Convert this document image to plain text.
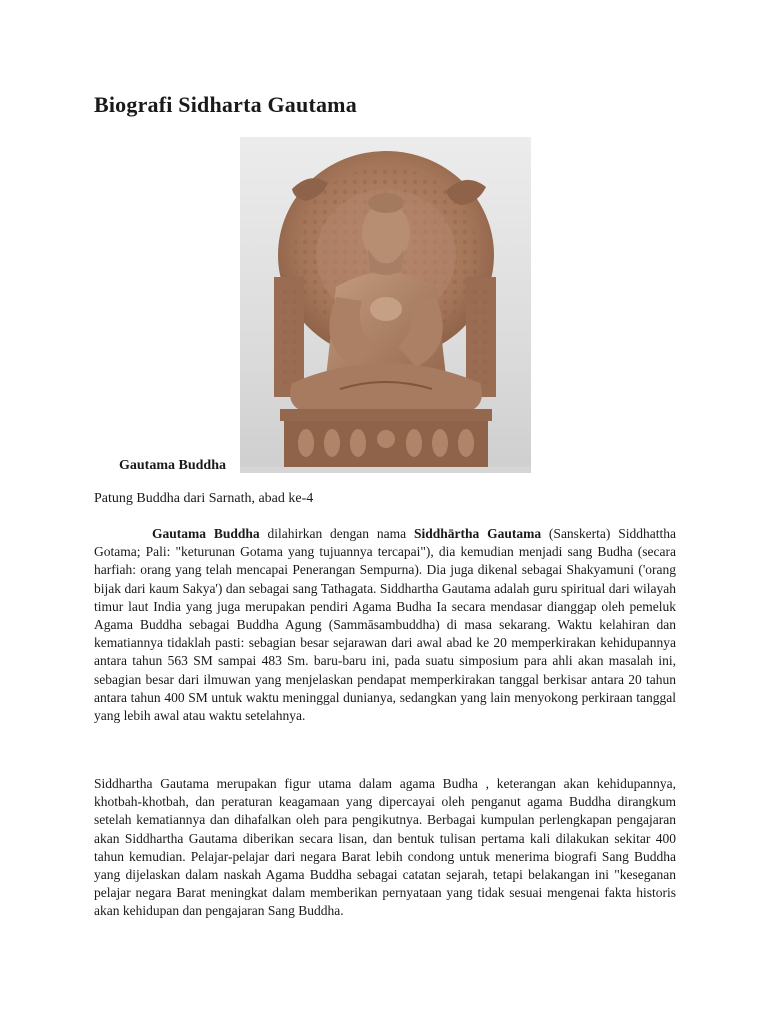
Biografi Sidharta Gautama
Gautama Buddha
Patung Buddha dari Sarnath, abad ke-4

Gautama Buddha dilahirkan dengan nama Siddhārtha Gautama (Sanskerta) Siddhattha Gotama; Pali: "keturunan Gotama yang tujuannya tercapai"), dia kemudian menjadi sang Budha (secara harfiah: orang yang telah mencapai Penerangan Sempurna). Dia juga dikenal sebagai Shakyamuni ('orang bijak dari kaum Sakya') dan sebagai sang Tathagata. Siddhartha Gautama adalah guru spiritual dari wilayah timur laut India yang juga merupakan pendiri Agama Budha Ia secara mendasar dianggap oleh pemeluk Agama Buddha sebagai Buddha Agung (Sammāsambuddha) di masa sekarang. Waktu kelahiran dan kematiannya tidaklah pasti: sebagian besar sejarawan dari awal abad ke 20 memperkirakan kehidupannya antara tahun 563 SM sampai 483 Sm. baru-baru ini, pada suatu simposium para ahli akan masalah ini, sebagian besar dari ilmuwan yang menjelaskan pendapat memperkirakan tanggal berkisar antara 20 tahun antara tahun 400 SM untuk waktu meninggal dunianya, sedangkan yang lain menyokong perkiraan tanggal yang lebih awal atau waktu setelahnya.

Siddhartha Gautama merupakan figur utama dalam agama Budha , keterangan akan kehidupannya, khotbah-khotbah, dan peraturan keagamaan yang dipercayai oleh penganut agama Buddha dirangkum setelah kematiannya dan dihafalkan oleh para pengikutnya. Berbagai kumpulan perlengkapan pengajaran akan Siddhartha Gautama diberikan secara lisan, dan bentuk tulisan pertama kali dilakukan sekitar 400 tahun kemudian. Pelajar-pelajar dari negara Barat lebih condong untuk menerima biografi Sang Buddha yang dijelaskan dalam naskah Agama Buddha sebagai catatan sejarah, tetapi belakangan ini "keseganan pelajar negara Barat meningkat dalam memberikan pernyataan yang tidak sesuai mengenai fakta historis akan kehidupan dan pengajaran Sang Buddha.
